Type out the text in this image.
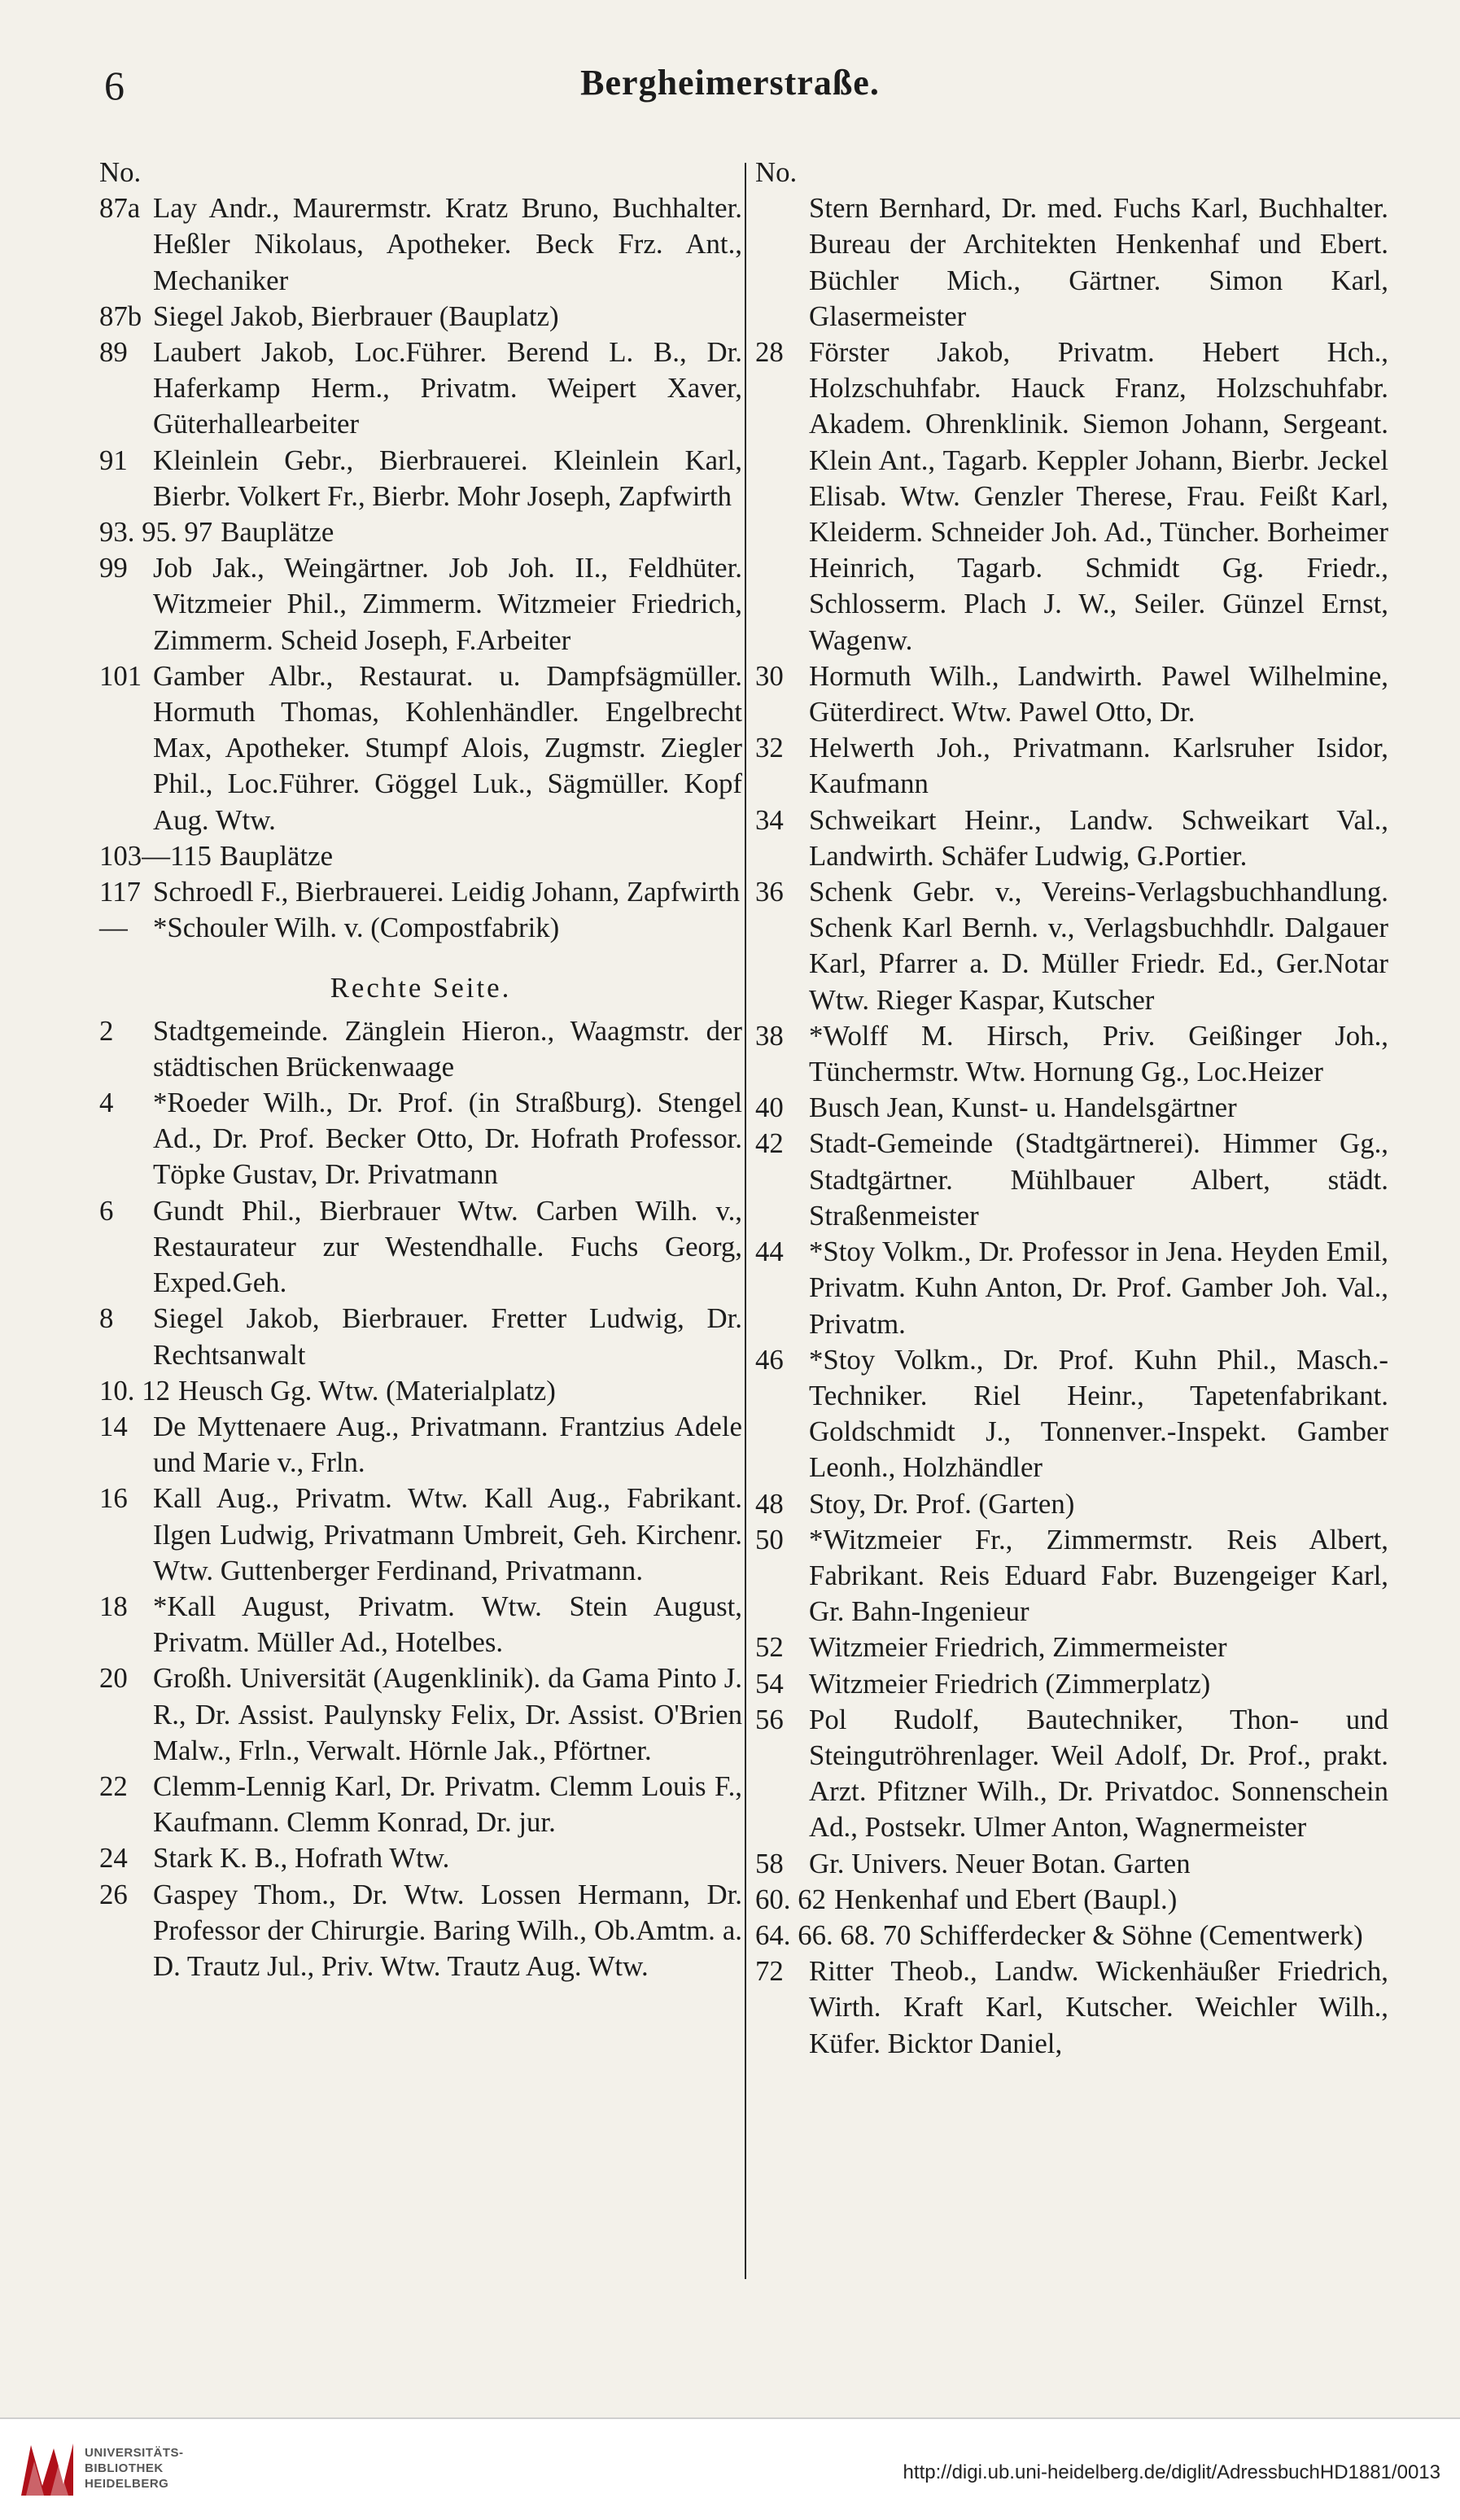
6	Bergheimerstraße.
No.
87a Lay Andr., Maurermstr. Kratz Bruno, Buchhalter. Heßler Nikolaus, Apotheker. Beck Frz. Ant., Mechaniker
87b Siegel Jakob, Bierbrauer (Bauplatz)
89 Laubert Jakob, Loc.Führer. Berend L. B., Dr. Haferkamp Herm., Privatm. Weipert Xaver, Güterhallearbeiter
91 Kleinlein Gebr., Bierbrauerei. Kleinlein Karl, Bierbr. Volkert Fr., Bierbr. Mohr Joseph, Zapfwirth
93. 95. 97 Bauplätze
99 Job Jak., Weingärtner. Job Joh. II., Feldhüter. Witzmeier Phil., Zimmerm. Witzmeier Friedrich, Zimmerm. Scheid Joseph, F.Arbeiter
101 Gamber Albr., Restaurat. u. Dampfsägmüller. Hormuth Thomas, Kohlenhändler. Engelbrecht Max, Apotheker. Stumpf Alois, Zugmstr. Ziegler Phil., Loc.Führer. Göggel Luk., Sägmüller. Kopf Aug. Wtw.
103—115 Bauplätze
117 Schroedl F., Bierbrauerei. Leidig Johann, Zapfwirth
— *Schouler Wilh. v. (Compostfabrik)
Rechte Seite.
2	Stadtgemeinde. Zänglein Hieron., Waagmstr. der städtischen Brückenwaage
4	*Roeder Wilh., Dr. Prof. (in Straßburg). Stengel Ad., Dr. Prof. Becker Otto, Dr. Hofrath Professor. Töpke Gustav, Dr. Privatmann
6	Gundt Phil., Bierbrauer Wtw. Carben Wilh. v., Restaurateur zur Westendhalle. Fuchs Georg, Exped.Geh.
8	Siegel Jakob, Bierbrauer. Fretter Ludwig, Dr. Rechtsanwalt
10. 12 Heusch Gg. Wtw. (Materialplatz)
14 De Myttenaere Aug., Privatmann. Frantzius Adele und Marie v., Frln.
16 Kall Aug., Privatm. Wtw. Kall Aug., Fabrikant. Ilgen Ludwig, Privatmann Umbreit, Geh. Kirchenr. Wtw. Guttenberger Ferdinand, Privatmann.
18 *Kall August, Privatm. Wtw. Stein August, Privatm. Müller Ad., Hotelbes.
20 Großh. Universität (Augenklinik). da Gama Pinto J. R., Dr. Assist. Paulynsky Felix, Dr. Assist. O'Brien Malw., Frln., Verwalt. Hörnle Jak., Pförtner.
22 Clemm-Lennig Karl, Dr. Privatm. Clemm Louis F., Kaufmann. Clemm Konrad, Dr. jur.
24 Stark K. B., Hofrath Wtw.
26 Gaspey Thom., Dr. Wtw. Lossen Hermann, Dr. Professor der Chirurgie. Baring Wilh., Ob.Amtm. a. D. Trautz Jul., Priv. Wtw. Trautz Aug. Wtw.
No.
Stern Bernhard, Dr. med. Fuchs Karl, Buchhalter. Bureau der Architekten Henkenhaf und Ebert. Büchler Mich., Gärtner. Simon Karl, Glasermeister
28 Förster Jakob, Privatm. Hebert Hch., Holzschuhfabr. Hauck Franz, Holzschuhfabr. Akadem. Ohrenklinik. Siemon Johann, Sergeant. Klein Ant., Tagarb. Keppler Johann, Bierbr. Jeckel Elisab. Wtw. Genzler Therese, Frau. Feißt Karl, Kleiderm. Schneider Joh. Ad., Tüncher. Borheimer Heinrich, Tagarb. Schmidt Gg. Friedr., Schlosserm. Plach J. W., Seiler. Günzel Ernst, Wagenw.
30 Hormuth Wilh., Landwirth. Pawel Wilhelmine, Güterdirect. Wtw. Pawel Otto, Dr.
32 Helwerth Joh., Privatmann. Karlsruher Isidor, Kaufmann
34 Schweikart Heinr., Landw. Schweikart Val., Landwirth. Schäfer Ludwig, G.Portier.
36 Schenk Gebr. v., Vereins-Verlagsbuchhandlung. Schenk Karl Bernh. v., Verlagsbuchhdlr. Dalgauer Karl, Pfarrer a. D. Müller Friedr. Ed., Ger.Notar Wtw. Rieger Kaspar, Kutscher
38 *Wolff M. Hirsch, Priv. Geißinger Joh., Tünchermstr. Wtw. Hornung Gg., Loc.Heizer
40 Busch Jean, Kunst- u. Handelsgärtner
42 Stadt-Gemeinde (Stadtgärtnerei). Himmer Gg., Stadtgärtner. Mühlbauer Albert, städt. Straßenmeister
44 *Stoy Volkm., Dr. Professor in Jena. Heyden Emil, Privatm. Kuhn Anton, Dr. Prof. Gamber Joh. Val., Privatm.
46 *Stoy Volkm., Dr. Prof. Kuhn Phil., Masch.-Techniker. Riel Heinr., Tapetenfabrikant. Goldschmidt J., Tonnenver.-Inspekt. Gamber Leonh., Holzhändler
48 Stoy, Dr. Prof. (Garten)
50 *Witzmeier Fr., Zimmermstr. Reis Albert, Fabrikant. Reis Eduard Fabr. Buzengeiger Karl, Gr. Bahn-Ingenieur
52 Witzmeier Friedrich, Zimmermeister
54 Witzmeier Friedrich (Zimmerplatz)
56 Pol Rudolf, Bautechniker, Thon- und Steingutröhrenlager. Weil Adolf, Dr. Prof., prakt. Arzt. Pfitzner Wilh., Dr. Privatdoc. Sonnenschein Ad., Postsekr. Ulmer Anton, Wagnermeister
58 Gr. Univers. Neuer Botan. Garten
60. 62 Henkenhaf und Ebert (Baupl.)
64. 66. 68. 70 Schifferdecker & Söhne (Cementwerk)
72 Ritter Theob., Landw. Wickenhäußer Friedrich, Wirth. Kraft Karl, Kutscher. Weichler Wilh., Küfer. Bicktor Daniel,
UNIVERSITÄTS-
BIBLIOTHEK
HEIDELBERG
http://digi.ub.uni-heidelberg.de/diglit/AdressbuchHD1881/0013
